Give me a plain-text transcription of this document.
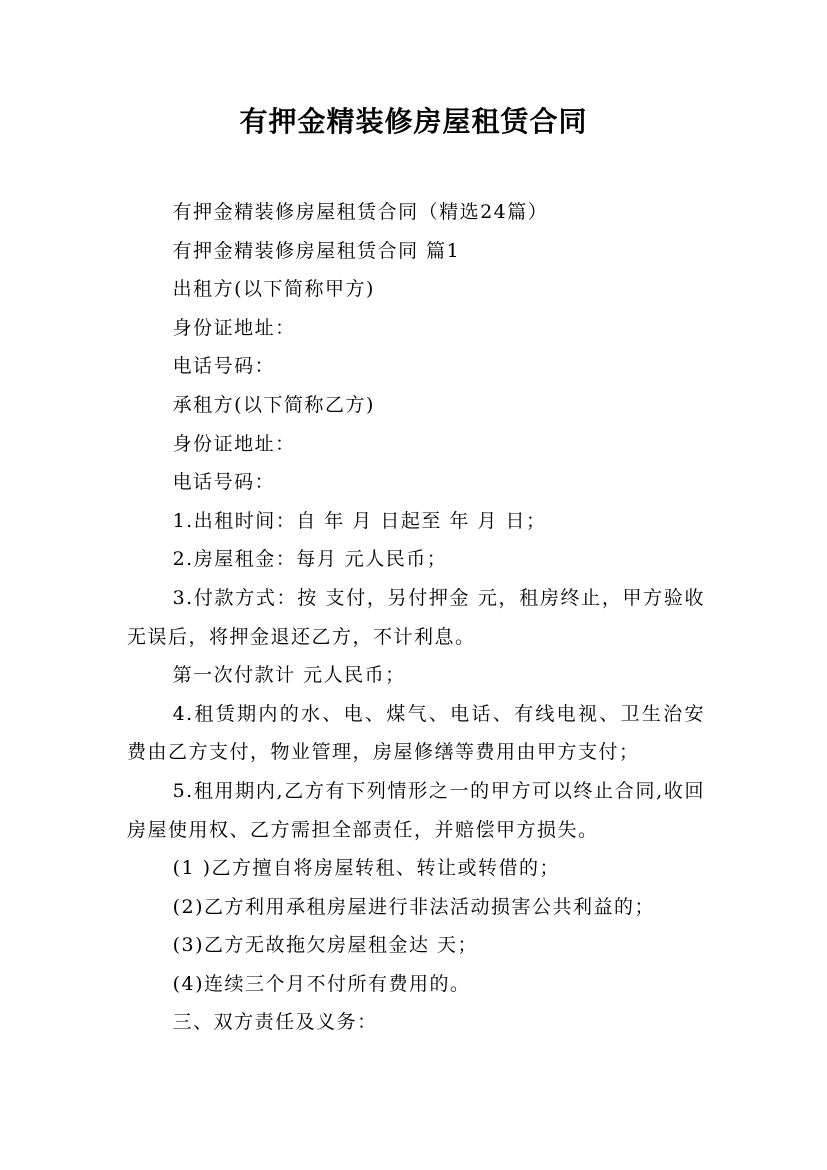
有押金精装修房屋租赁合同

有押金精装修房屋租赁合同（精选24篇）

有押金精装修房屋租赁合同 篇1

出租方(以下简称甲方)

身份证地址：

电话号码：

承租方(以下简称乙方)

身份证地址：

电话号码：

1.出租时间：自 年 月 日起至 年 月 日；

2.房屋租金：每月 元人民币；

3.付款方式：按 支付，另付押金 元，租房终止，甲方验收无误后，将押金退还乙方，不计利息。

第一次付款计 元人民币；

4.租赁期内的水、电、煤气、电话、有线电视、卫生治安费由乙方支付，物业管理，房屋修缮等费用由甲方支付；

5.租用期内,乙方有下列情形之一的甲方可以终止合同,收回房屋使用权、乙方需担全部责任，并赔偿甲方损失。

(1 )乙方擅自将房屋转租、转让或转借的；

(2)乙方利用承租房屋进行非法活动损害公共利益的；

(3)乙方无故拖欠房屋租金达 天；

(4)连续三个月不付所有费用的。

三、双方责任及义务：
